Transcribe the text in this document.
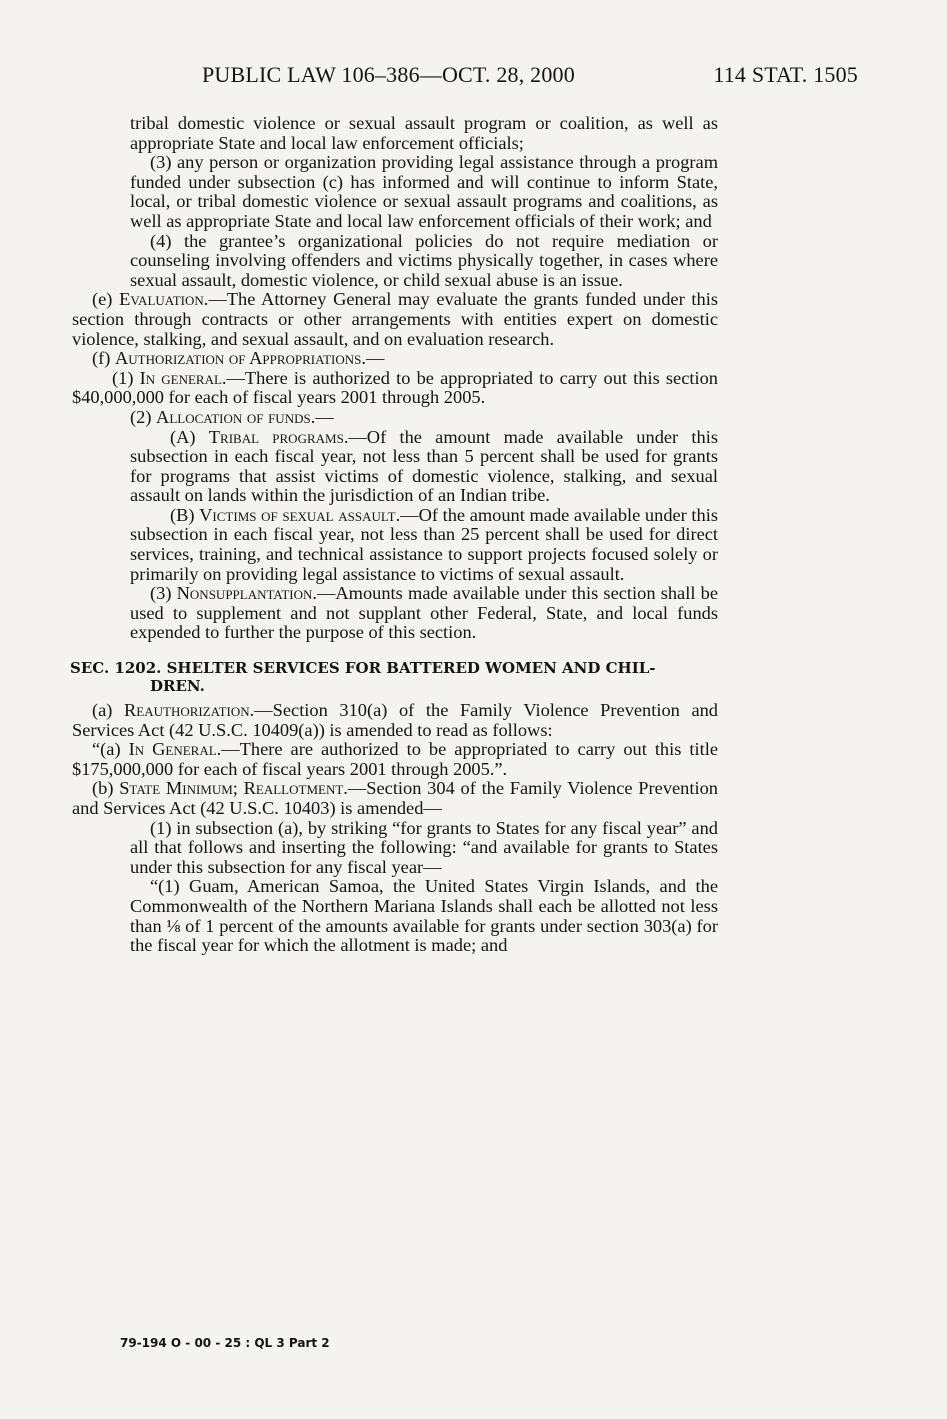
PUBLIC LAW 106–386—OCT. 28, 2000	114 STAT. 1505

tribal domestic violence or sexual assault program or coalition, as well as appropriate State and local law enforcement officials;

(3) any person or organization providing legal assistance through a program funded under subsection (c) has informed and will continue to inform State, local, or tribal domestic violence or sexual assault programs and coalitions, as well as appropriate State and local law enforcement officials of their work; and

(4) the grantee’s organizational policies do not require mediation or counseling involving offenders and victims physically together, in cases where sexual assault, domestic violence, or child sexual abuse is an issue.

(e) Evaluation.—The Attorney General may evaluate the grants funded under this section through contracts or other arrangements with entities expert on domestic violence, stalking, and sexual assault, and on evaluation research.

(f) Authorization of Appropriations.—

(1) In general.—There is authorized to be appropriated to carry out this section $40,000,000 for each of fiscal years 2001 through 2005.

(2) Allocation of funds.—

(A) Tribal programs.—Of the amount made available under this subsection in each fiscal year, not less than 5 percent shall be used for grants for programs that assist victims of domestic violence, stalking, and sexual assault on lands within the jurisdiction of an Indian tribe.

(B) Victims of sexual assault.—Of the amount made available under this subsection in each fiscal year, not less than 25 percent shall be used for direct services, training, and technical assistance to support projects focused solely or primarily on providing legal assistance to victims of sexual assault.

(3) Nonsupplantation.—Amounts made available under this section shall be used to supplement and not supplant other Federal, State, and local funds expended to further the purpose of this section.

SEC. 1202. SHELTER SERVICES FOR BATTERED WOMEN AND CHIL-
DREN.

(a) Reauthorization.—Section 310(a) of the Family Violence Prevention and Services Act (42 U.S.C. 10409(a)) is amended to read as follows:

“(a) In General.—There are authorized to be appropriated to carry out this title $175,000,000 for each of fiscal years 2001 through 2005.”.

(b) State Minimum; Reallotment.—Section 304 of the Family Violence Prevention and Services Act (42 U.S.C. 10403) is amended—

(1) in subsection (a), by striking “for grants to States for any fiscal year” and all that follows and inserting the following: “and available for grants to States under this subsection for any fiscal year—

“(1) Guam, American Samoa, the United States Virgin Islands, and the Commonwealth of the Northern Mariana Islands shall each be allotted not less than ⅛ of 1 percent of the amounts available for grants under section 303(a) for the fiscal year for which the allotment is made; and

79-194 O - 00 - 25 : QL 3 Part 2
